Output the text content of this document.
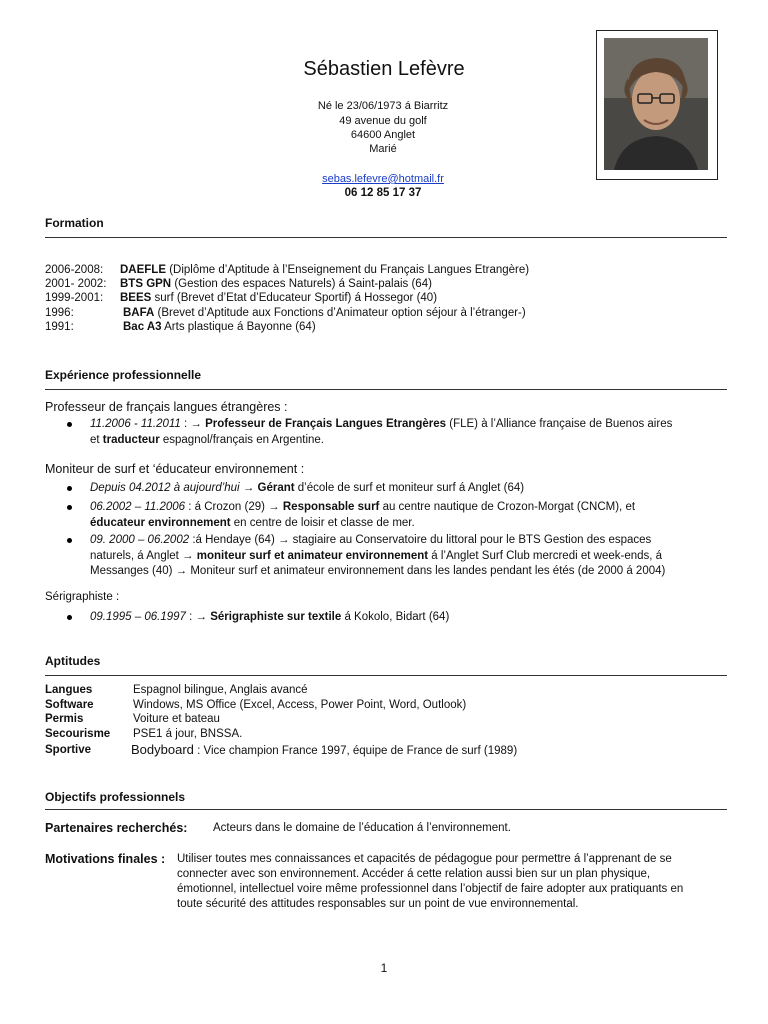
Sébastien Lefèvre
Né le 23/06/1973 á Biarritz
49 avenue du golf
64600 Anglet
Marié
sebas.lefevre@hotmail.fr
06 12 85 17 37
Formation
2006-2008: DAEFLE (Diplôme d’Aptitude à l’Enseignement du Français Langues Etrangère)
2001- 2002: BTS GPN (Gestion des espaces Naturels) á Saint-palais (64)
1999-2001: BEES surf (Brevet d’Etat d’Educateur Sportif) á Hossegor (40)
1996:	BAFA (Brevet d’Aptitude aux Fonctions d’Animateur option séjour à l’étranger-)
1991:	Bac A3 Arts plastique á Bayonne (64)
Expérience professionnelle
Professeur de français langues étrangères :
11.2006 - 11.2011 : → Professeur de Français Langues Etrangères (FLE) à l’Alliance française de Buenos aires
et traducteur espagnol/français en Argentine.
Moniteur de surf et ‘éducateur environnement :
Depuis 04.2012 à aujourd’hui → Gérant d’école de surf et moniteur surf á Anglet (64)
06.2002 – 11.2006 : á Crozon (29) → Responsable surf au centre nautique de Crozon-Morgat (CNCM), et
éducateur environnement en centre de loisir et classe de mer.
09. 2000 – 06.2002 :á Hendaye (64) → stagiaire au Conservatoire du littoral pour le BTS Gestion des espaces
naturels, á Anglet → moniteur surf et animateur environnement á l’Anglet Surf Club mercredi et week-ends, á
Messanges (40) → Moniteur surf et animateur environnement dans les landes pendant les étés (de 2000 á 2004)
Sérigraphiste :
09.1995 – 06.1997 : → Sérigraphiste sur textile á Kokolo, Bidart (64)
Aptitudes
Langues	Espagnol bilingue, Anglais avancé
Software	Windows, MS Office (Excel, Access, Power Point, Word, Outlook)
Permis	Voiture et bateau
Secourisme PSE1 á jour, BNSSA.
Sportive	Bodyboard : Vice champion France 1997, équipe de France de surf (1989)
Objectifs professionnels
Partenaires recherchés: Acteurs dans le domaine de l’éducation á l’environnement.
Motivations finales : Utiliser toutes mes connaissances et capacités de pédagogue pour permettre á l’apprenant de se
connecter avec son environnement. Accéder á cette relation aussi bien sur un plan physique,
émotionnel, intellectuel voire même professionnel dans l’objectif de faire adopter aux pratiquants en
toute sécurité des attitudes responsables sur un point de vue environnemental.
1
